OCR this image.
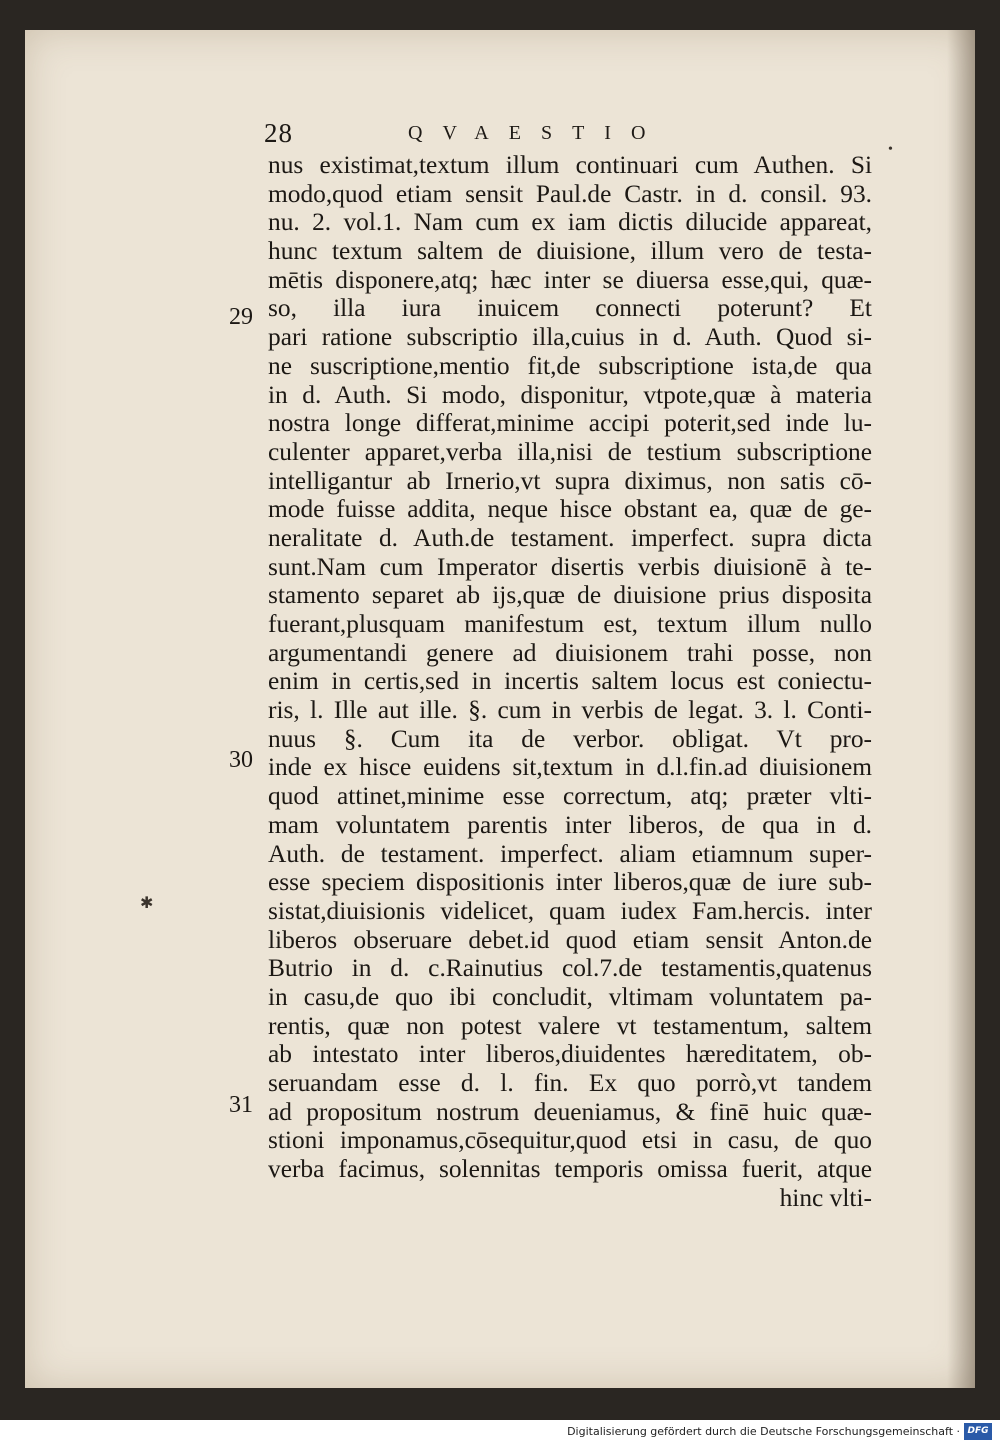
28	QVAESTIO
•
✱
29
30
31
nus existimat,textum illum continuari cum Authen. Si
modo,quod etiam sensit Paul.de Castr. in d. consil. 93.
nu. 2. vol.1. Nam cum ex iam dictis dilucide appareat,
hunc textum saltem de diuisione, illum vero de testa-
mētis disponere,atq; hæc inter se diuersa esse,qui, quæ-
so, illa iura inuicem connecti poterunt? Et
pari ratione subscriptio illa,cuius in d. Auth. Quod si-
ne suscriptione,mentio fit,de subscriptione ista,de qua
in d. Auth. Si modo, disponitur, vtpote,quæ à materia
nostra longe differat,minime accipi poterit,sed inde lu-
culenter apparet,verba illa,nisi de testium subscriptione
intelligantur ab Irnerio,vt supra diximus, non satis cō-
mode fuisse addita, neque hisce obstant ea, quæ de ge-
neralitate d. Auth.de testament. imperfect. supra dicta
sunt.Nam cum Imperator disertis verbis diuisionē à te-
stamento separet ab ijs,quæ de diuisione prius disposita
fuerant,plusquam manifestum est, textum illum nullo
argumentandi genere ad diuisionem trahi posse, non
enim in certis,sed in incertis saltem locus est coniectu-
ris, l. Ille aut ille. §. cum in verbis de legat. 3. l. Conti-
nuus §. Cum ita de verbor. obligat. Vt pro-
inde ex hisce euidens sit,textum in d.l.fin.ad diuisionem
quod attinet,minime esse correctum, atq; præter vlti-
mam voluntatem parentis inter liberos, de qua in d.
Auth. de testament. imperfect. aliam etiamnum super-
esse speciem dispositionis inter liberos,quæ de iure sub-
sistat,diuisionis videlicet, quam iudex Fam.hercis. inter
liberos obseruare debet.id quod etiam sensit Anton.de
Butrio in d. c.Rainutius col.7.de testamentis,quatenus
in casu,de quo ibi concludit, vltimam voluntatem pa-
rentis, quæ non potest valere vt testamentum, saltem
ab intestato inter liberos,diuidentes hæreditatem, ob-
seruandam esse d. l. fin. Ex quo porrò,vt tandem
ad propositum nostrum deueniamus, & finē huic quæ-
stioni imponamus,cōsequitur,quod etsi in casu, de quo
verba facimus, solennitas temporis omissa fuerit, atque
hinc vlti-
Digitalisierung gefördert durch die Deutsche Forschungsgemeinschaft · DFG
